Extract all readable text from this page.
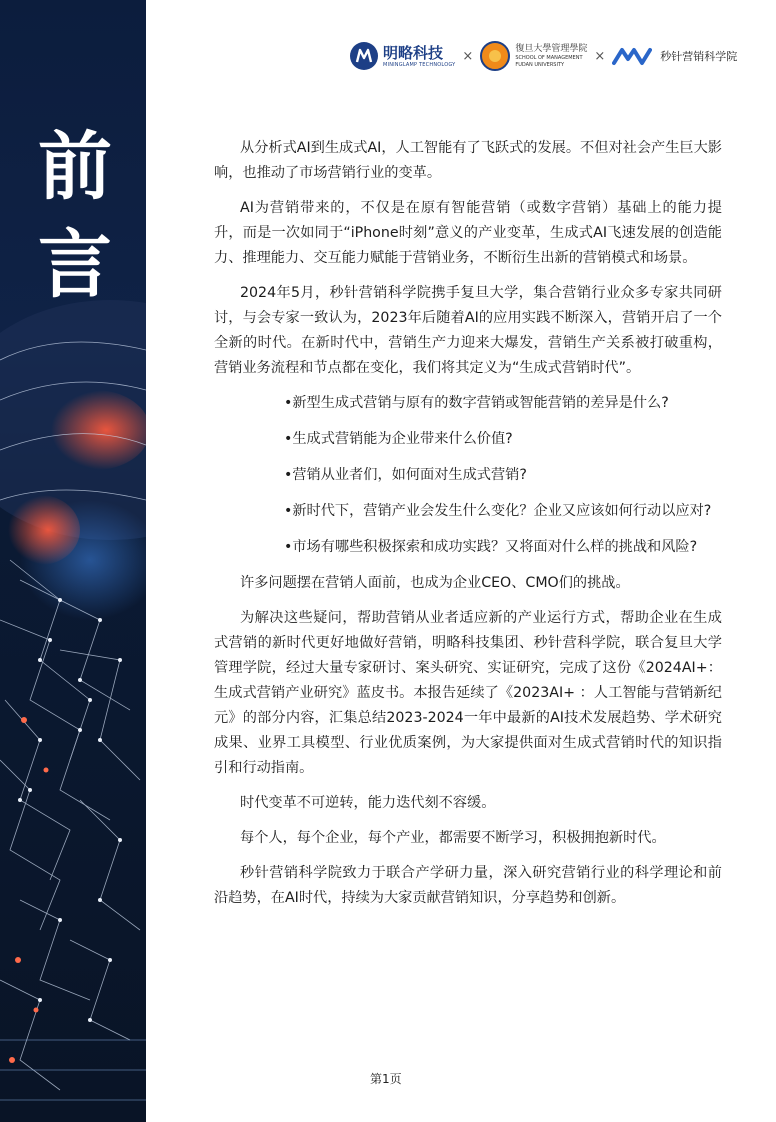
前
言
明略科技
MININGLAMP TECHNOLOGY
×	復旦大學管理學院
SCHOOL OF MANAGEMENT
FUDAN UNIVERSITY
×	秒针营销科学院

从分析式AI到生成式AI，人工智能有了飞跃式的发展。不但对社会产生巨大影响，也推动了市场营销行业的变革。

AI为营销带来的，不仅是在原有智能营销（或数字营销）基础上的能力提升，而是一次如同于“iPhone时刻”意义的产业变革，生成式AI飞速发展的创造能力、推理能力、交互能力赋能于营销业务，不断衍生出新的营销模式和场景。

2024年5月，秒针营销科学院携手复旦大学，集合营销行业众多专家共同研讨，与会专家一致认为，2023年后随着AI的应用实践不断深入，营销开启了一个全新的时代。在新时代中，营销生产力迎来大爆发，营销生产关系被打破重构，营销业务流程和节点都在变化，我们将其定义为“生成式营销时代”。

•新型生成式营销与原有的数字营销或智能营销的差异是什么?
•生成式营销能为企业带来什么价值?
•营销从业者们，如何面对生成式营销?
•新时代下，营销产业会发生什么变化？企业又应该如何行动以应对?
•市场有哪些积极探索和成功实践？又将面对什么样的挑战和风险?

许多问题摆在营销人面前，也成为企业CEO、CMO们的挑战。

为解决这些疑问，帮助营销从业者适应新的产业运行方式，帮助企业在生成式营销的新时代更好地做好营销，明略科技集团、秒针营科学院，联合复旦大学管理学院，经过大量专家研讨、案头研究、实证研究，完成了这份《2024AI+： 生成式营销产业研究》蓝皮书。本报告延续了《2023AI+ ：人工智能与营销新纪元》的部分内容，汇集总结2023-2024一年中最新的AI技术发展趋势、学术研究成果、业界工具模型、行业优质案例，为大家提供面对生成式营销时代的知识指引和行动指南。

时代变革不可逆转，能力迭代刻不容缓。

每个人，每个企业，每个产业，都需要不断学习，积极拥抱新时代。

秒针营销科学院致力于联合产学研力量，深入研究营销行业的科学理论和前沿趋势，在AI时代，持续为大家贡献营销知识，分享趋势和创新。

第1页
